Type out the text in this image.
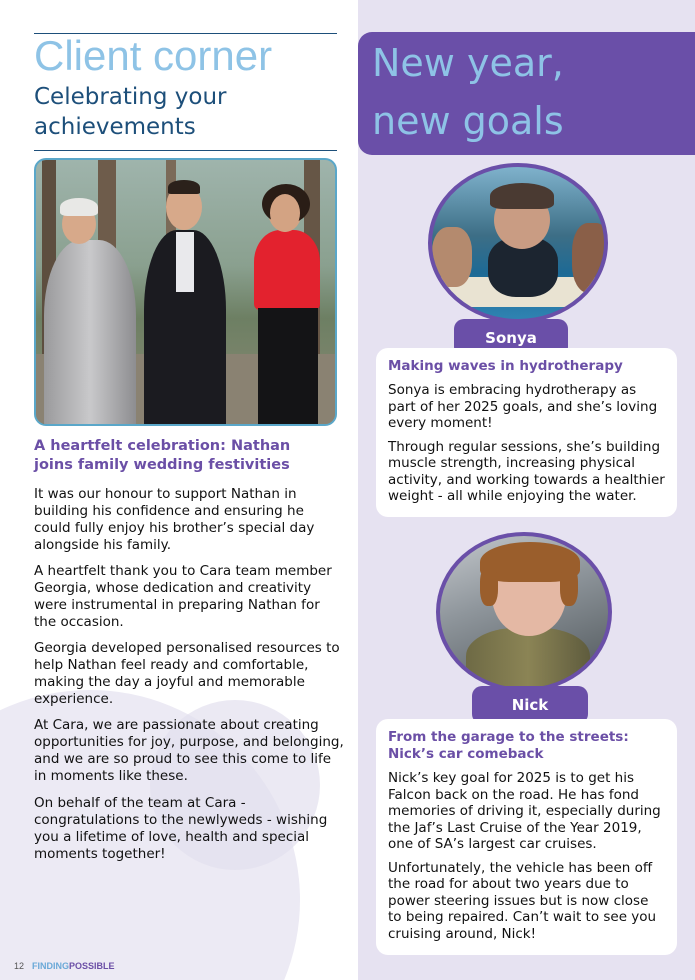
Client corner
Celebrating your achievements
A heartfelt celebration: Nathan joins family wedding festivities
It was our honour to support Nathan in building his confidence and ensuring he could fully enjoy his brother’s special day alongside his family.
A heartfelt thank you to Cara team member Georgia, whose dedication and creativity were instrumental in preparing Nathan for the occasion.
Georgia developed personalised resources to help Nathan feel ready and comfortable, making the day a joyful and memorable experience.
At Cara, we are passionate about creating opportunities for joy, purpose, and belonging, and we are so proud to see this come to life in moments like these.
On behalf of the team at Cara - congratulations to the newlyweds - wishing you a lifetime of love, health and special moments together!
12 FINDINGPOSSIBLE
New year,
new goals
Sonya
Making waves in hydrotherapy
Sonya is embracing hydrotherapy as part of her 2025 goals, and she’s loving every moment!
Through regular sessions, she’s building muscle strength, increasing physical activity, and working towards a healthier weight - all while enjoying the water.
Nick
From the garage to the streets: Nick’s car comeback
Nick’s key goal for 2025 is to get his Falcon back on the road. He has fond memories of driving it, especially during the Jaf’s Last Cruise of the Year 2019, one of SA’s largest car cruises.
Unfortunately, the vehicle has been off the road for about two years due to power steering issues but is now close to being repaired. Can’t wait to see you cruising around, Nick!
